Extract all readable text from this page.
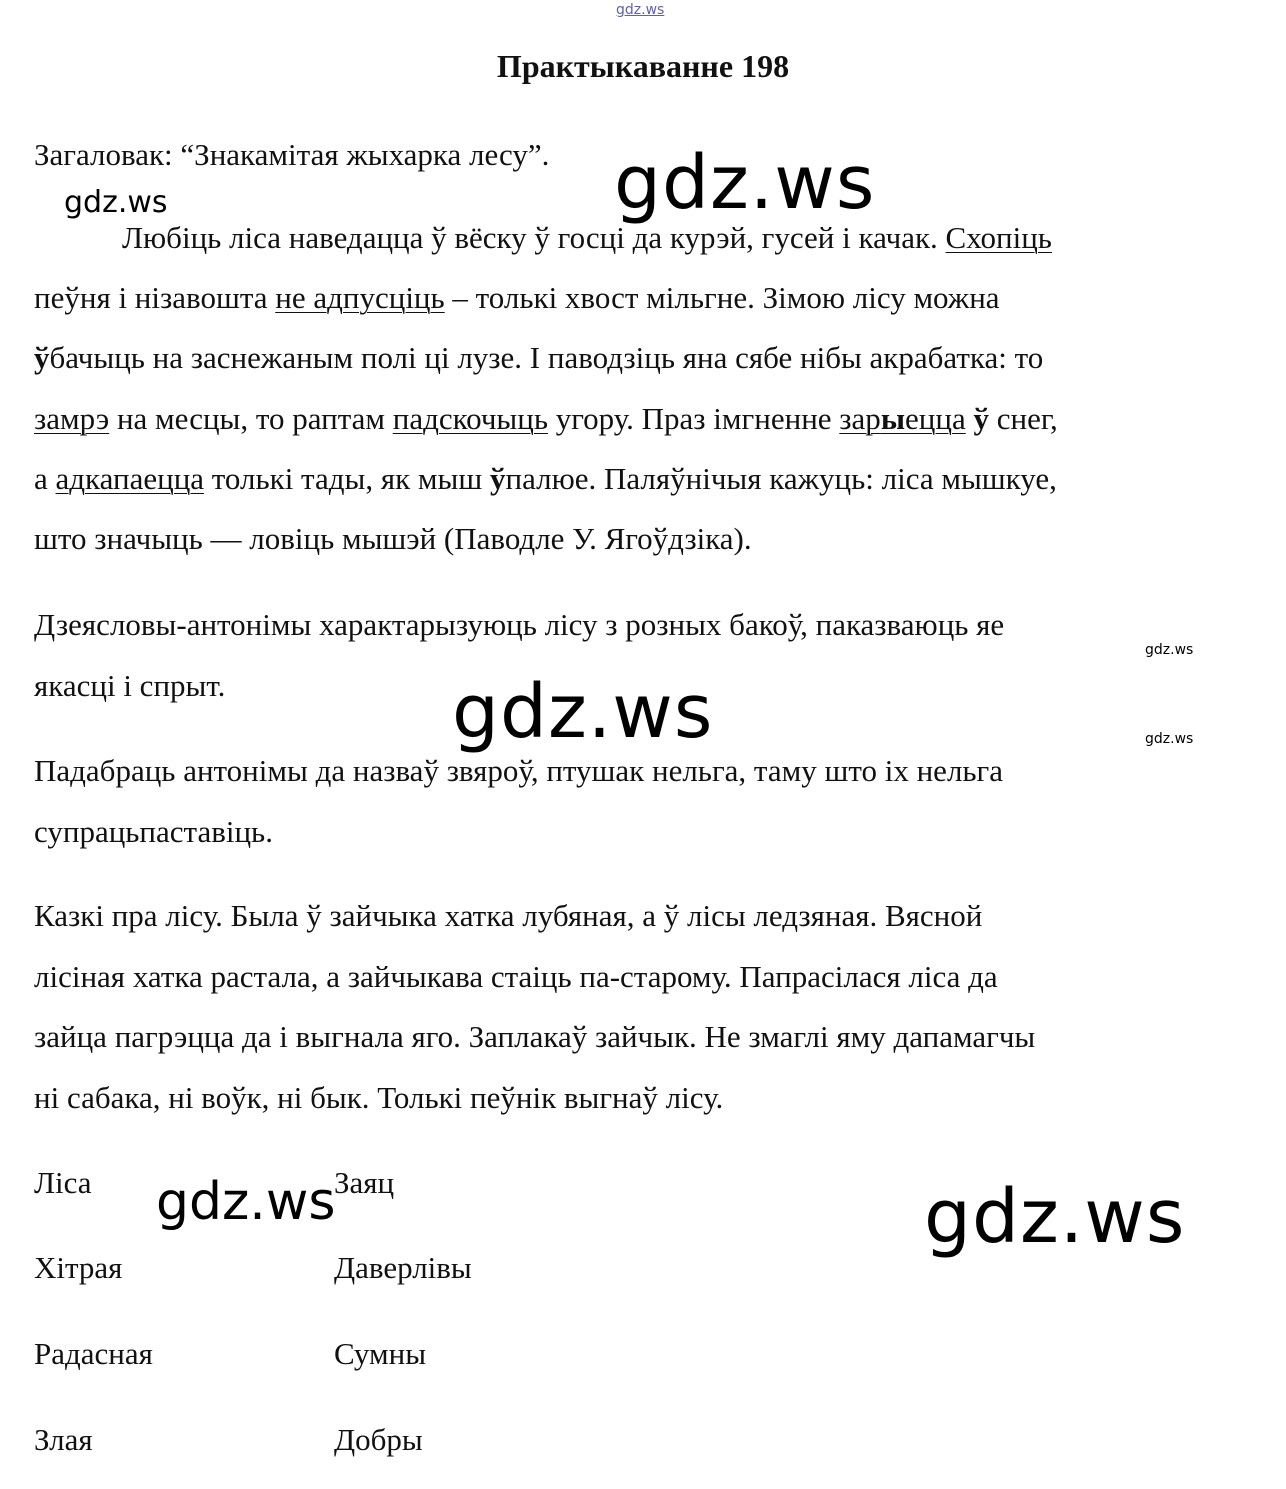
gdz.ws
gdz.ws
gdz.ws
gdz.ws
gdz.ws	gdz.ws
gdz.ws	gdz.ws
Практыкаванне 198
Загаловак: “Знакамітая жыхарка лесу”.
Любіць ліса наведацца ў вёску ў госці да курэй, гусей і качак. Схопіць
пеўня і нізавошта не адпусціць – толькі хвост мільгне. Зімою лісу можна
ўбачыць на заснежаным полі ці лузе. І паводзіць яна сябе нібы акрабатка: то
замрэ на месцы, то раптам падскочыць угору. Праз імгненне зарыецца ў снег,
а адкапаецца толькі тады, як мыш ўпалюе. Паляўнічыя кажуць: ліса мышкуе,
што значыць — ловіць мышэй (Паводле У. Ягоўдзіка).
Дзеясловы-антонімы характарызуюць лісу з розных бакоў, паказваюць яе
якасці і спрыт.
Падабраць антонімы да назваў звяроў, птушак нельга, таму што іх нельга
супрацьпаставіць.
Казкі пра лісу. Была ў зайчыка хатка лубяная, а ў лісы ледзяная. Вясной
лісіная хатка растала, а зайчыкава стаіць па-старому. Папрасілася ліса да
зайца пагрэцца да і выгнала яго. Заплакаў зайчык. Не змаглі яму дапамагчы
ні сабака, ні воўк, ні бык. Толькі пеўнік выгнаў лісу.
Ліса	Заяц
Хітрая	Даверлівы
Радасная	Сумны
Злая	Добры
